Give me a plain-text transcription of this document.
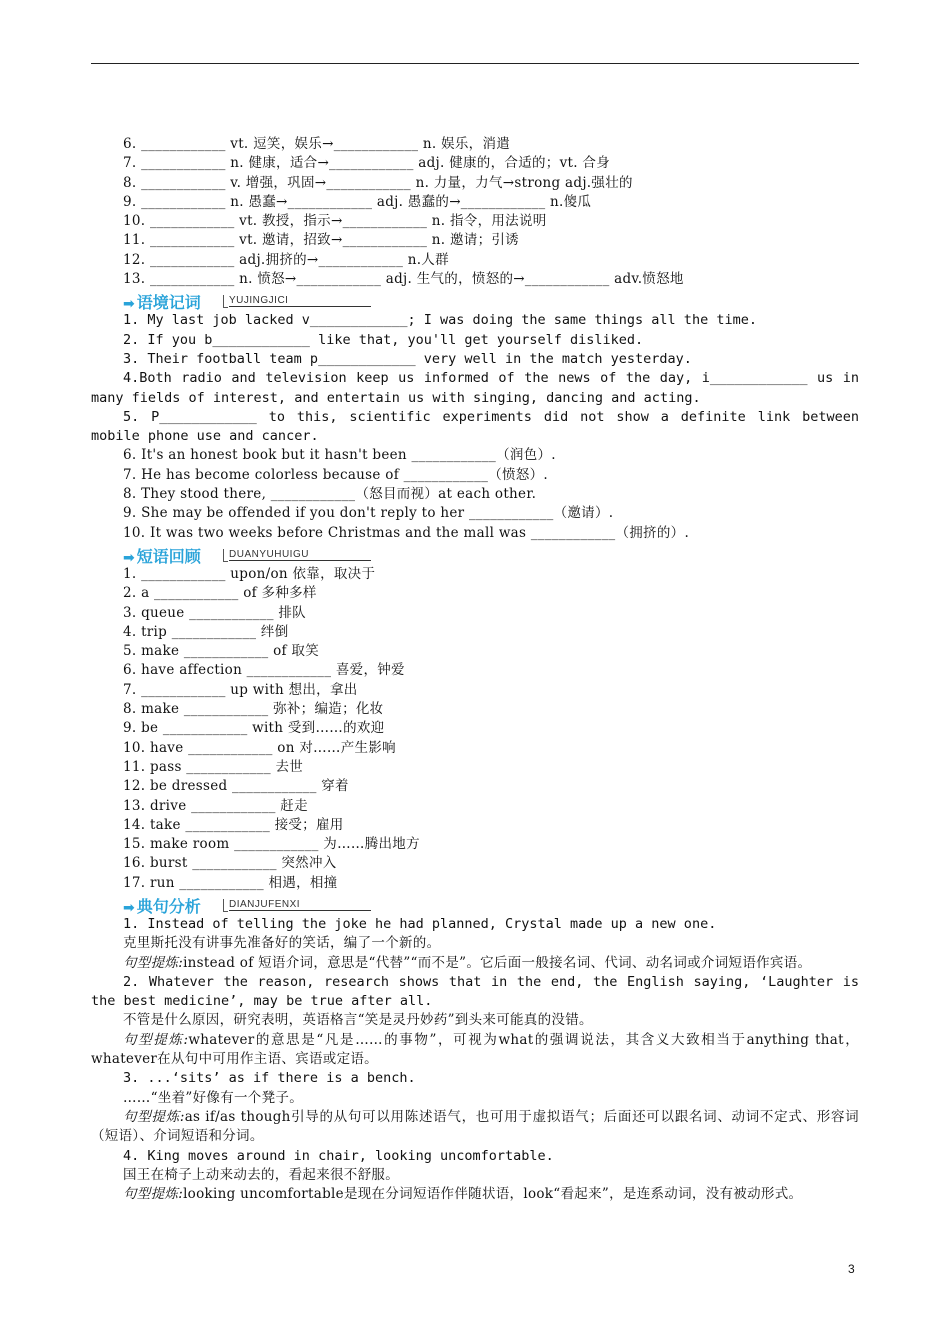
6. ____________ vt. 逗笑，娱乐→____________ n. 娱乐，消遣
7. ____________ n. 健康，适合→____________ adj. 健康的，合适的；vt. 合身
8. ____________ v. 增强，巩固→____________ n. 力量，力气→strong adj.强壮的
9. ____________ n. 愚蠢→____________ adj. 愚蠢的→____________ n.傻瓜
10. ____________ vt. 教授，指示→____________ n. 指令，用法说明
11. ____________ vt. 邀请，招致→____________ n. 邀请；引诱
12. ____________ adj.拥挤的→____________ n.人群
13. ____________ n. 愤怒→____________ adj. 生气的，愤怒的→____________ adv.愤怒地
➡ 语境记词	YUJINGJICI
1. My last job lacked v____________; I was doing the same things all the time.
2. If you b____________ like that, you'll get yourself disliked.
3. Their football team p____________ very well in the match yesterday.
4.Both radio and television keep us informed of the news of the day, i____________ us in many fields of interest, and entertain us with singing, dancing and acting.
5. P____________ to this, scientific experiments did not show a definite link between mobile phone use and cancer.
6. It's an honest book but it hasn't been ____________（润色）.
7. He has become colorless because of ____________（愤怒）.
8. They stood there, ____________（怒目而视）at each other.
9. She may be offended if you don't reply to her ____________（邀请）.
10. It was two weeks before Christmas and the mall was ____________（拥挤的）.
➡ 短语回顾	DUANYUHUIGU
1. ____________ upon/on 依靠，取决于
2. a ____________ of 多种多样
3. queue ____________ 排队
4. trip ____________ 绊倒
5. make ____________ of 取笑
6. have affection ____________ 喜爱，钟爱
7. ____________ up with 想出，拿出
8. make ____________ 弥补；编造；化妆
9. be ____________ with 受到……的欢迎
10. have ____________ on 对……产生影响
11. pass ____________ 去世
12. be dressed ____________ 穿着
13. drive ____________ 赶走
14. take ____________ 接受；雇用
15. make room ____________ 为……腾出地方
16. burst ____________ 突然冲入
17. run ____________ 相遇，相撞
➡ 典句分析	DIANJUFENXI
1. Instead of telling the joke he had planned, Crystal made up a new one.
克里斯托没有讲事先准备好的笑话，编了一个新的。
句型提炼:instead of 短语介词，意思是“代替”“而不是”。它后面一般接名词、代词、动名词或介词短语作宾语。
2. Whatever the reason, research shows that in the end, the English saying, ‘Laughter is the best medicine’, may be true after all.
不管是什么原因，研究表明，英语格言“笑是灵丹妙药”到头来可能真的没错。
句型提炼:whatever的意思是“凡是……的事物”，可视为what的强调说法，其含义大致相当于anything that，whatever在从句中可用作主语、宾语或定语。
3. ...‘sits’ as if there is a bench.
……“坐着”好像有一个凳子。
句型提炼:as if/as though引导的从句可以用陈述语气，也可用于虚拟语气；后面还可以跟名词、动词不定式、形容词（短语）、介词短语和分词。
4. King moves around in chair, looking uncomfortable.
国王在椅子上动来动去的，看起来很不舒服。
句型提炼:looking uncomfortable是现在分词短语作伴随状语，look“看起来”，是连系动词，没有被动形式。
3
